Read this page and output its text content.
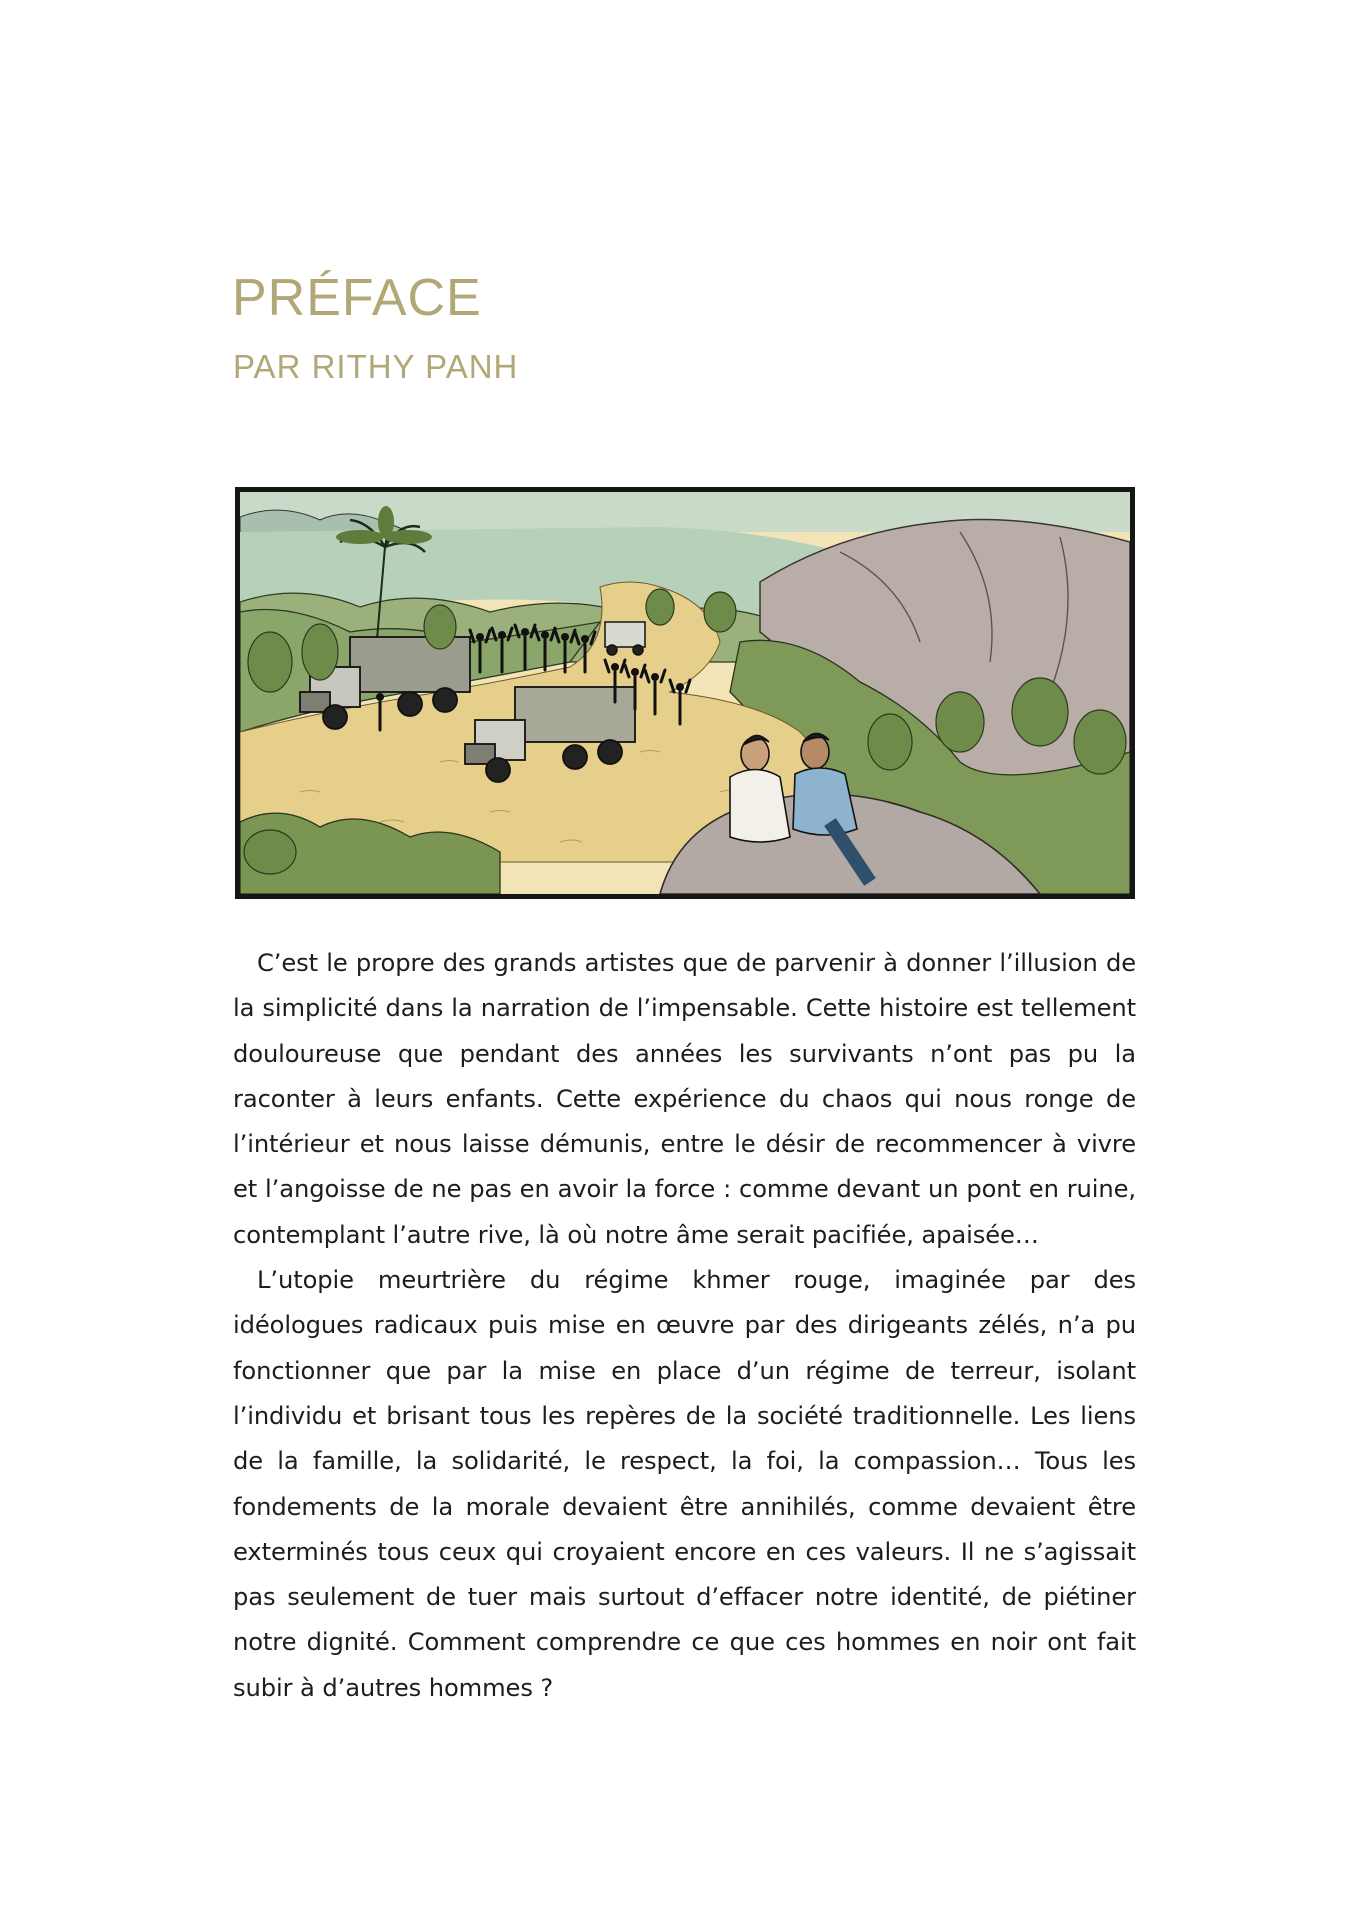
PRÉFACE
PAR RITHY PANH

C’est le propre des grands artistes que de parvenir à donner l’illusion de la simplicité dans la narration de l’impensable. Cette histoire est tellement douloureuse que pendant des années les survivants n’ont pas pu la raconter à leurs enfants. Cette expérience du chaos qui nous ronge de l’intérieur et nous laisse démunis, entre le désir de recommencer à vivre et l’angoisse de ne pas en avoir la force : comme devant un pont en ruine, contemplant l’autre rive, là où notre âme serait pacifiée, apaisée…

L’utopie meurtrière du régime khmer rouge, imaginée par des idéologues radicaux puis mise en œuvre par des dirigeants zélés, n’a pu fonctionner que par la mise en place d’un régime de terreur, isolant l’individu et brisant tous les repères de la société traditionnelle. Les liens de la famille, la solidarité, le respect, la foi, la compassion… Tous les fondements de la morale devaient être annihilés, comme devaient être exterminés tous ceux qui croyaient encore en ces valeurs. Il ne s’agissait pas seulement de tuer mais surtout d’effacer notre identité, de piétiner notre dignité. Comment comprendre ce que ces hommes en noir ont fait subir à d’autres hommes ?
